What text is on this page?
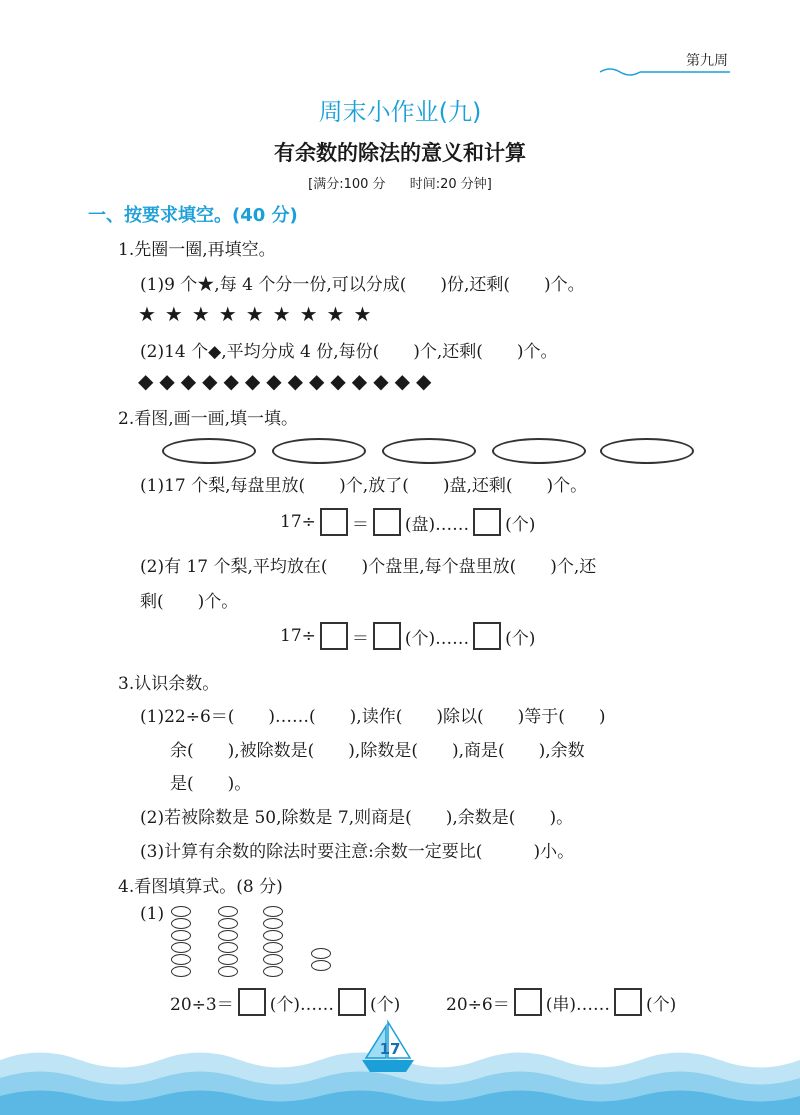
第九周
周末小作业(九)
有余数的除法的意义和计算
[满分:100 分 时间:20 分钟]
一、按要求填空。(40 分)
1.先圈一圈,再填空。
(1)9 个★,每 4 个分一份,可以分成(　　)份,还剩(　　)个。
★★★★★★★★★
(2)14 个◆,平均分成 4 份,每份(　　)个,还剩(　　)个。
◆◆◆◆◆◆◆◆◆◆◆◆◆◆
2.看图,画一画,填一填。
(1)17 个梨,每盘里放(　　)个,放了(　　)盘,还剩(　　)个。
17÷ ＝ (盘)…… (个)
(2)有 17 个梨,平均放在(　　)个盘里,每个盘里放(　　)个,还
剩(　　)个。
17÷ ＝ (个)…… (个)
3.认识余数。
(1)22÷6＝(　　)……(　　),读作(　　)除以(　　)等于(　　)
余(　　),被除数是(　　),除数是(　　),商是(　　),余数
是(　　)。
(2)若被除数是 50,除数是 7,则商是(　　),余数是(　　)。
(3)计算有余数的除法时要注意:余数一定要比(　　　)小。
4.看图填算式。(8 分)
(1)
20÷3＝ (个)…… (个)	20÷6＝ (串)…… (个)
17
